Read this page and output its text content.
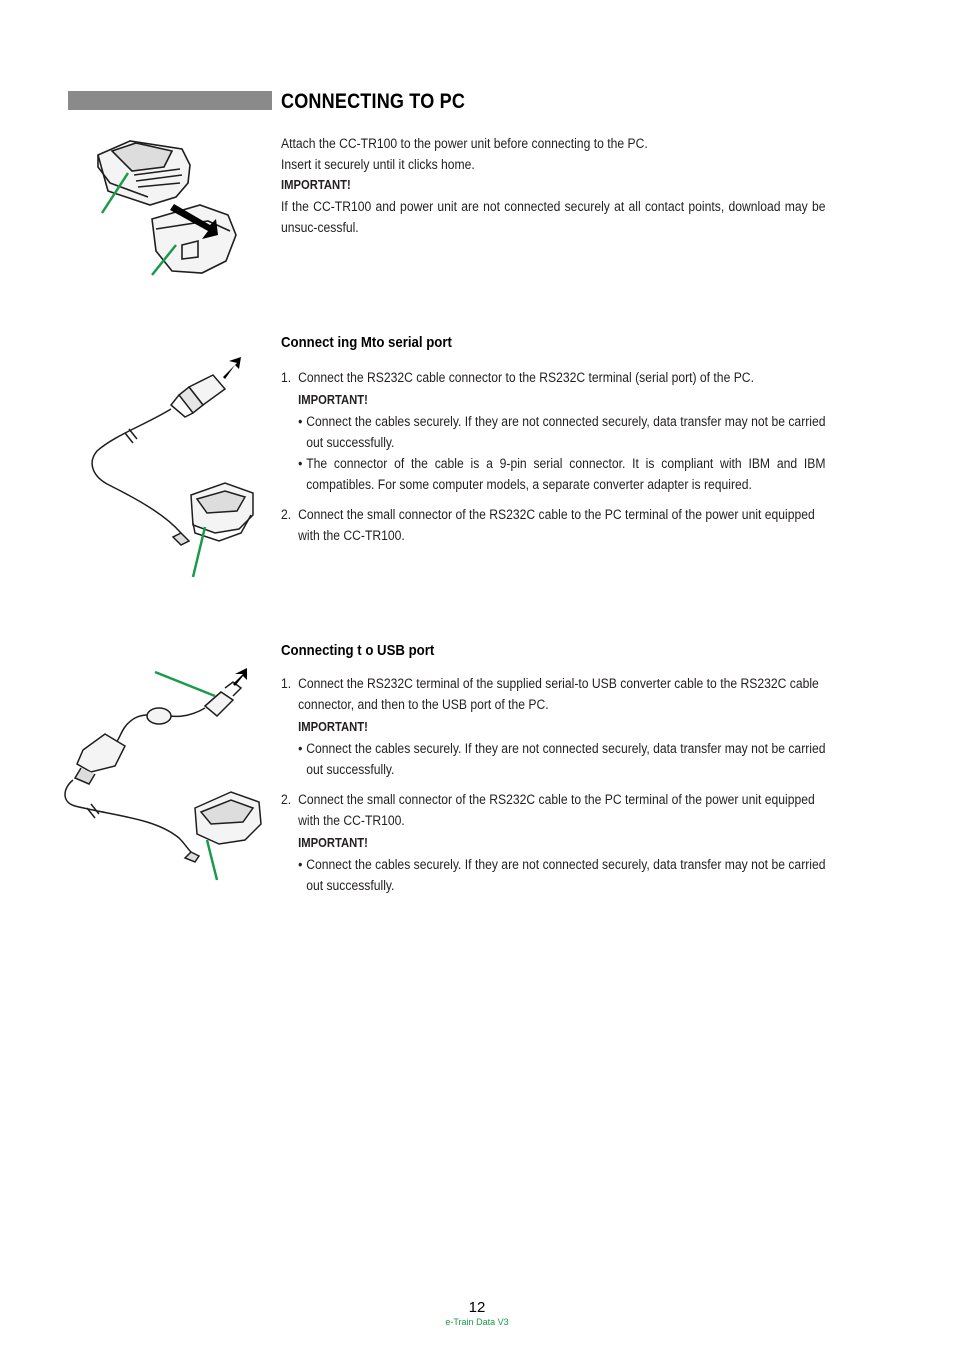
CONNECTING TO PC

Attach the CC-TR100 to the power unit before connecting to the PC.

Insert it securely until it clicks home.

IMPORTANT!

If the CC-TR100 and power unit are not connected securely at all contact points, download may be unsuc-cessful.

Connect ing Mto serial port
1. Connect the RS232C cable connector to the RS232C terminal (serial port) of the PC.

IMPORTANT!

• Connect the cables securely. If they are not connected securely, data transfer may not be carried out successfully.
• The connector of the cable is a 9-pin serial connector. It is compliant with IBM and IBM compatibles. For some computer models, a separate converter adapter is required.
2. Connect the small connector of the RS232C cable to the PC terminal of the power unit equipped with the CC-TR100.
Connecting t o USB port
1. Connect the RS232C terminal of the supplied serial-to USB converter cable to the RS232C cable connector, and then to the USB port of the PC.

IMPORTANT!

• Connect the cables securely. If they are not connected securely, data transfer may not be carried out successfully.
2. Connect the small connector of the RS232C cable to the PC terminal of the power unit equipped with the CC-TR100.

IMPORTANT!

• Connect the cables securely. If they are not connected securely, data transfer may not be carried out successfully.
12
e-Train Data V3
